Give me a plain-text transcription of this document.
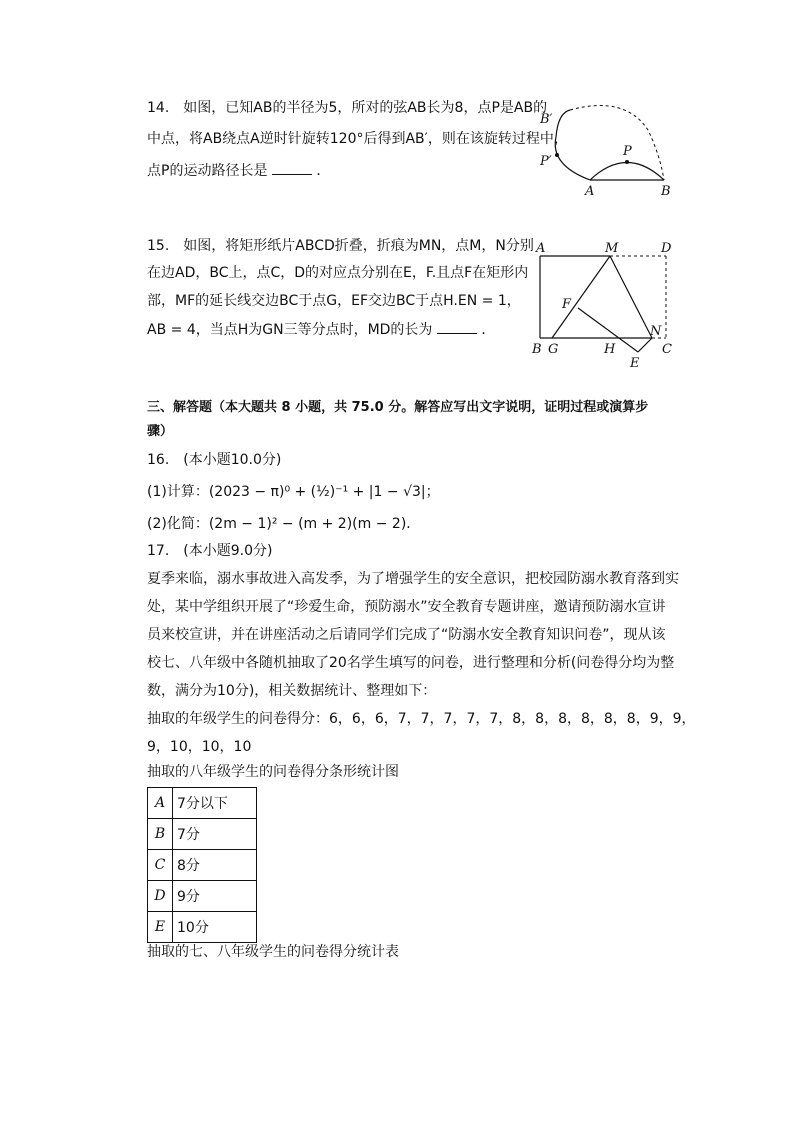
14.　如图，已知AB的半径为5，所对的弦AB长为8，点P是AB的
中点，将AB绕点A逆时针旋转120°后得到AB′，则在该旋转过程中，
点P的运动路径长是	．
B′
P
P′
A	B
15.　如图，将矩形纸片ABCD折叠，折痕为MN，点M，N分别
在边AD，BC上，点C，D的对应点分别在E，F.且点F在矩形内
部，MF的延长线交边BC于点G，EF交边BC于点H.EN = 1，
AB = 4，当点H为GN三等分点时，MD的长为	．
A	M	D
F
N
B G	H	C
E
三、解答题（本大题共 8 小题，共 75.0 分。解答应写出文字说明，证明过程或演算步
骤）
16.　(本小题10.0分)
(1)计算：(2023 − π)⁰ + (½)⁻¹ + |1 − √3|；
(2)化简：(2m − 1)² − (m + 2)(m − 2)．
17.　(本小题9.0分)
夏季来临，溺水事故进入高发季，为了增强学生的安全意识，把校园防溺水教育落到实
处，某中学组织开展了“珍爱生命，预防溺水”安全教育专题讲座，邀请预防溺水宣讲
员来校宣讲，并在讲座活动之后请同学们完成了“防溺水安全教育知识问卷”，现从该
校七、八年级中各随机抽取了20名学生填写的问卷，进行整理和分析(问卷得分均为整
数，满分为10分)，相关数据统计、整理如下：
抽取的年级学生的问卷得分：6，6，6，7，7，7，7，7，8，8，8，8，8，8，9，9，
9，10，10，10
抽取的八年级学生的问卷得分条形统计图
A	7分以下
B	7分
C	8分
D	9分
E	10分
抽取的七、八年级学生的问卷得分统计表
